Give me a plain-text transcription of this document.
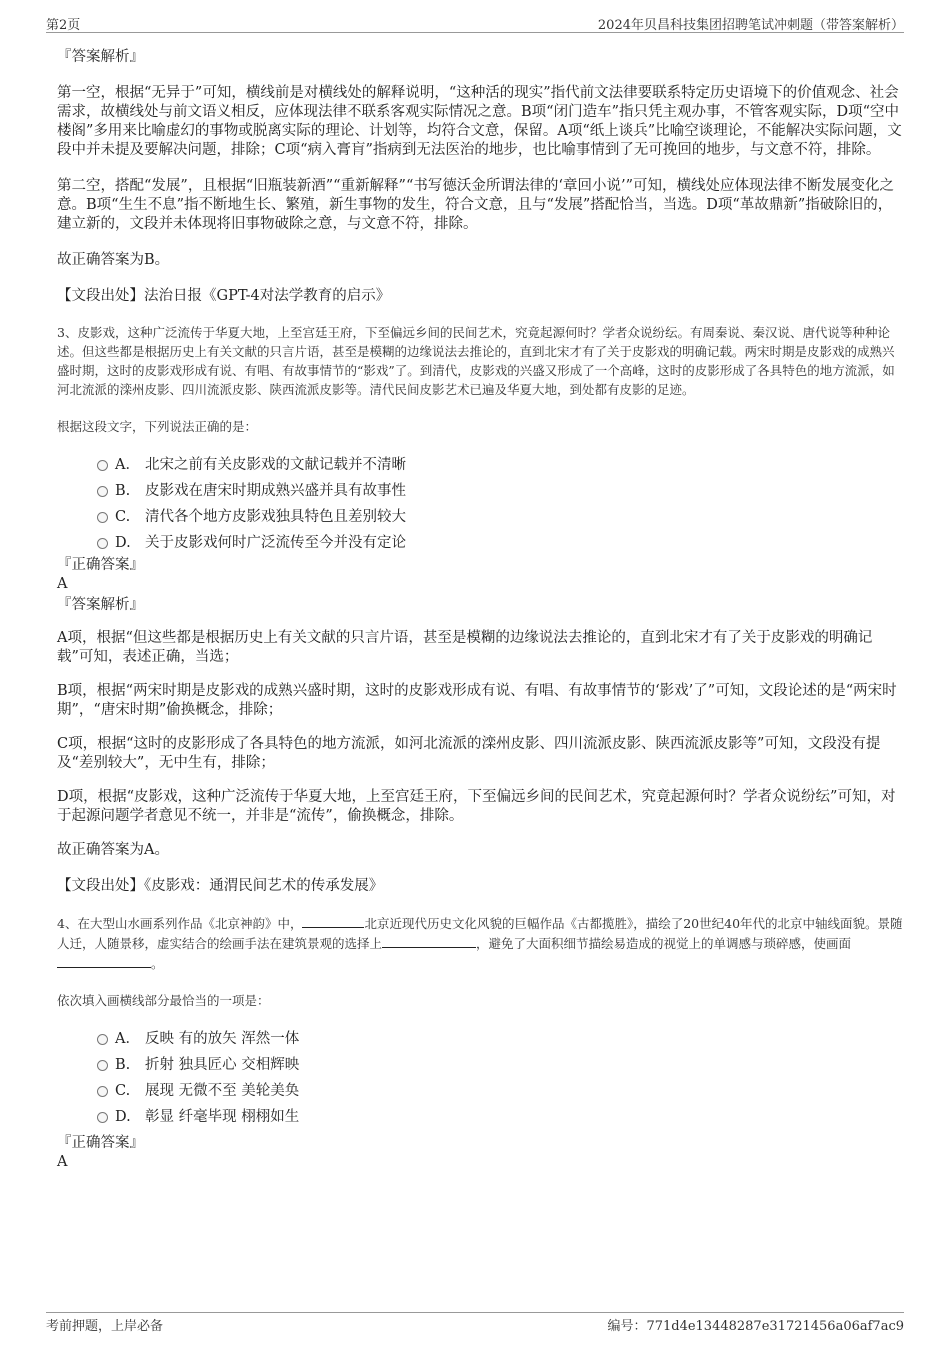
第2页	2024年贝昌科技集团招聘笔试冲刺题（带答案解析）

『答案解析』

第一空，根据“无异于”可知，横线前是对横线处的解释说明，“这种活的现实”指代前文法律要联系特定历史语境下的价值观念、社会需求，故横线处与前文语义相反，应体现法律不联系客观实际情况之意。B项“闭门造车”指只凭主观办事，不管客观实际，D项“空中楼阁”多用来比喻虚幻的事物或脱离实际的理论、计划等，均符合文意，保留。A项“纸上谈兵”比喻空谈理论，不能解决实际问题，文段中并未提及要解决问题，排除；C项“病入膏肓”指病到无法医治的地步，也比喻事情到了无可挽回的地步，与文意不符，排除。

第二空，搭配“发展”，且根据“旧瓶装新酒”“重新解释”“书写德沃金所谓法律的‘章回小说’”可知，横线处应体现法律不断发展变化之意。B项“生生不息”指不断地生长、繁殖，新生事物的发生，符合文意，且与“发展”搭配恰当，当选。D项“革故鼎新”指破除旧的，建立新的，文段并未体现将旧事物破除之意，与文意不符，排除。

故正确答案为B。

【文段出处】法治日报《GPT-4对法学教育的启示》

3、皮影戏，这种广泛流传于华夏大地，上至宫廷王府，下至偏远乡间的民间艺术，究竟起源何时？学者众说纷纭。有周秦说、秦汉说、唐代说等种种论述。但这些都是根据历史上有关文献的只言片语，甚至是模糊的边缘说法去推论的，直到北宋才有了关于皮影戏的明确记载。两宋时期是皮影戏的成熟兴盛时期，这时的皮影戏形成有说、有唱、有故事情节的“影戏”了。到清代，皮影戏的兴盛又形成了一个高峰，这时的皮影形成了各具特色的地方流派，如河北流派的滦州皮影、四川流派皮影、陕西流派皮影等。清代民间皮影艺术已遍及华夏大地，到处都有皮影的足迹。

根据这段文字，下列说法正确的是：

A． 北宋之前有关皮影戏的文献记载并不清晰
B. 皮影戏在唐宋时期成熟兴盛并具有故事性
C. 清代各个地方皮影戏独具特色且差别较大
D. 关于皮影戏何时广泛流传至今并没有定论

『正确答案』

A

『答案解析』

A项，根据“但这些都是根据历史上有关文献的只言片语，甚至是模糊的边缘说法去推论的，直到北宋才有了关于皮影戏的明确记载”可知，表述正确，当选；

B项，根据“两宋时期是皮影戏的成熟兴盛时期，这时的皮影戏形成有说、有唱、有故事情节的‘影戏’了”可知，文段论述的是“两宋时期”，“唐宋时期”偷换概念，排除；

C项，根据“这时的皮影形成了各具特色的地方流派，如河北流派的滦州皮影、四川流派皮影、陕西流派皮影等”可知，文段没有提及“差别较大”，无中生有，排除；

D项，根据“皮影戏，这种广泛流传于华夏大地，上至宫廷王府，下至偏远乡间的民间艺术，究竟起源何时？学者众说纷纭”可知，对于起源问题学者意见不统一，并非是“流传”，偷换概念，排除。

故正确答案为A。

【文段出处】《皮影戏：通渭民间艺术的传承发展》

4、在大型山水画系列作品《北京神韵》中，	北京近现代历史文化风貌的巨幅作品《古都揽胜》，描绘了20世纪40年代的北京中轴线面貌。景随人迁，人随景移，虚实结合的绘画手法在建筑景观的选择上	，避免了大面积细节描绘易造成的视觉上的单调感与琐碎感，使画面。

依次填入画横线部分最恰当的一项是：

A． 反映 有的放矢 浑然一体
B. 折射 独具匠心 交相辉映
C. 展现 无微不至 美轮美奂
D. 彰显 纤毫毕现 栩栩如生

『正确答案』

A

考前押题，上岸必备	编号：771d4e13448287e31721456a06af7ac9
